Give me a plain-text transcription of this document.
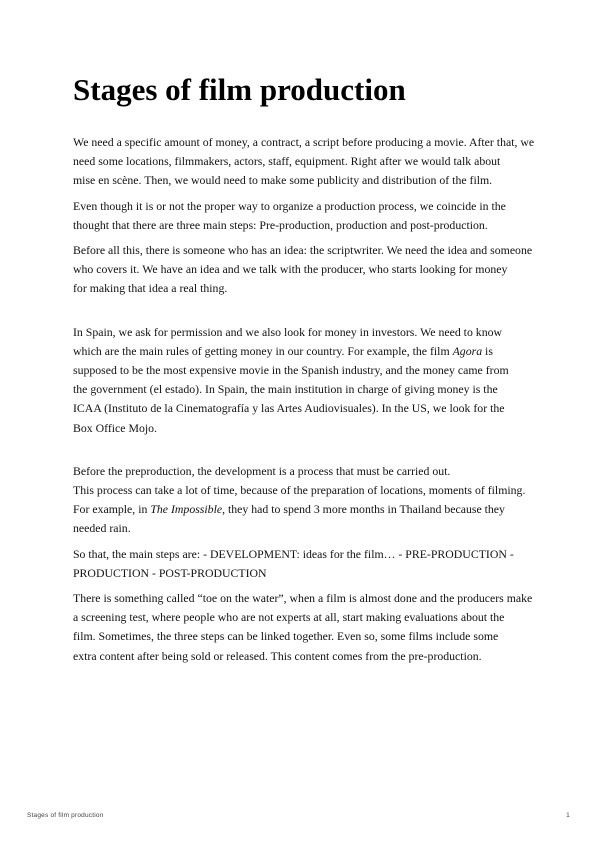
Stages of film production

We need a specific amount of money, a contract, a script before producing a movie. After that, we
need some locations, filmmakers, actors, staff, equipment. Right after we would talk about
mise en scène. Then, we would need to make some publicity and distribution of the film.

Even though it is or not the proper way to organize a production process, we coincide in the
thought that there are three main steps: Pre-production, production and post-production.

Before all this, there is someone who has an idea: the scriptwriter. We need the idea and someone
who covers it. We have an idea and we talk with the producer, who starts looking for money
for making that idea a real thing.

In Spain, we ask for permission and we also look for money in investors. We need to know
which are the main rules of getting money in our country. For example, the film Agora is
supposed to be the most expensive movie in the Spanish industry, and the money came from
the government (el estado). In Spain, the main institution in charge of giving money is the
ICAA (Instituto de la Cinematografía y las Artes Audiovisuales). In the US, we look for the
Box Office Mojo.

Before the preproduction, the development is a process that must be carried out.
This process can take a lot of time, because of the preparation of locations, moments of filming.
For example, in The Impossible, they had to spend 3 more months in Thailand because they
needed rain.

So that, the main steps are: - DEVELOPMENT: ideas for the film… - PRE-PRODUCTION -
PRODUCTION - POST-PRODUCTION

There is something called “toe on the water”, when a film is almost done and the producers make
a screening test, where people who are not experts at all, start making evaluations about the
film. Sometimes, the three steps can be linked together. Even so, some films include some
extra content after being sold or released. This content comes from the pre-production.

Stages of film production	1
